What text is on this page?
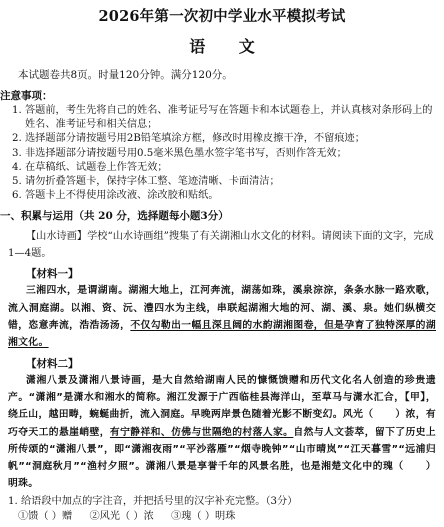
2026年第一次初中学业水平模拟考试
语 文
本试题卷共8页。时量120分钟。满分120分。
注意事项：
1. 答题前，考生先将自己的姓名、准考证号写在答题卡和本试题卷上，并认真核对条形码上的姓名、准考证号和相关信息；
2. 选择题部分请按题号用2B铅笔填涂方框，修改时用橡皮擦干净，不留痕迹；
3. 非选择题部分请按题号用0.5毫米黑色墨水签字笔书写，否则作答无效；
4. 在草稿纸、试题卷上作答无效；
5. 请勿折叠答题卡，保持字体工整、笔迹清晰、卡面清洁；
6. 答题卡上不得使用涂改液、涂改胶和贴纸。
一、积累与运用（共 20 分，选择题每小题3分）
【山水诗画】学校“山水诗画组”搜集了有关湖湘山水文化的材料。请阅读下面的文字，完成1—4题。
【材料一】
三湘四水，是谓湖南。湖湘大地上，江河奔流，湖荡如珠，溪泉淙淙，条条水脉一路欢歌，流入洞庭湖。以湘、资、沅、澧四水为主线，串联起湖湘大地的河、湖、溪、泉。她们纵横交错，恣意奔流，浩浩汤汤，不仅勾勒出一幅且深且阔的水韵湖湘图卷，但是孕育了独特深厚的湖湘文化。
【材料二】
潇湘八景及潇湘八景诗画，是大自然给湖南人民的慷慨馈赠和历代文化名人创造的珍贵遗产。“潇湘”是潇水和湘水的简称。湘江发源于广西临桂县海洋山，至草马与潇水汇合，【甲】，绕丘山，越田畴，蜿蜒曲折，流入洞庭。早晚两岸景色随着光影不断变幻。风光（ ）浓，有巧夺天工的悬崖峭壁，有宁静祥和、仿佛与世隔绝的村落人家。自然与人文荟萃，留下了历史上所传颂的“潇湘八景”，即“潇湘夜雨”“平沙落雁”“烟寺晚钟”“山市晴岚”“江天暮雪”“远浦归帆”“洞庭秋月”“渔村夕照”。潇湘八景是享誉千年的风景名胜，也是湘楚文化中的瑰（ ）明珠。
1. 给语段中加点的字注音，并把括号里的汉字补充完整。（3分）
①馈（ ）赠 ②风光（ ）浓 ③瑰（ ）明珠
